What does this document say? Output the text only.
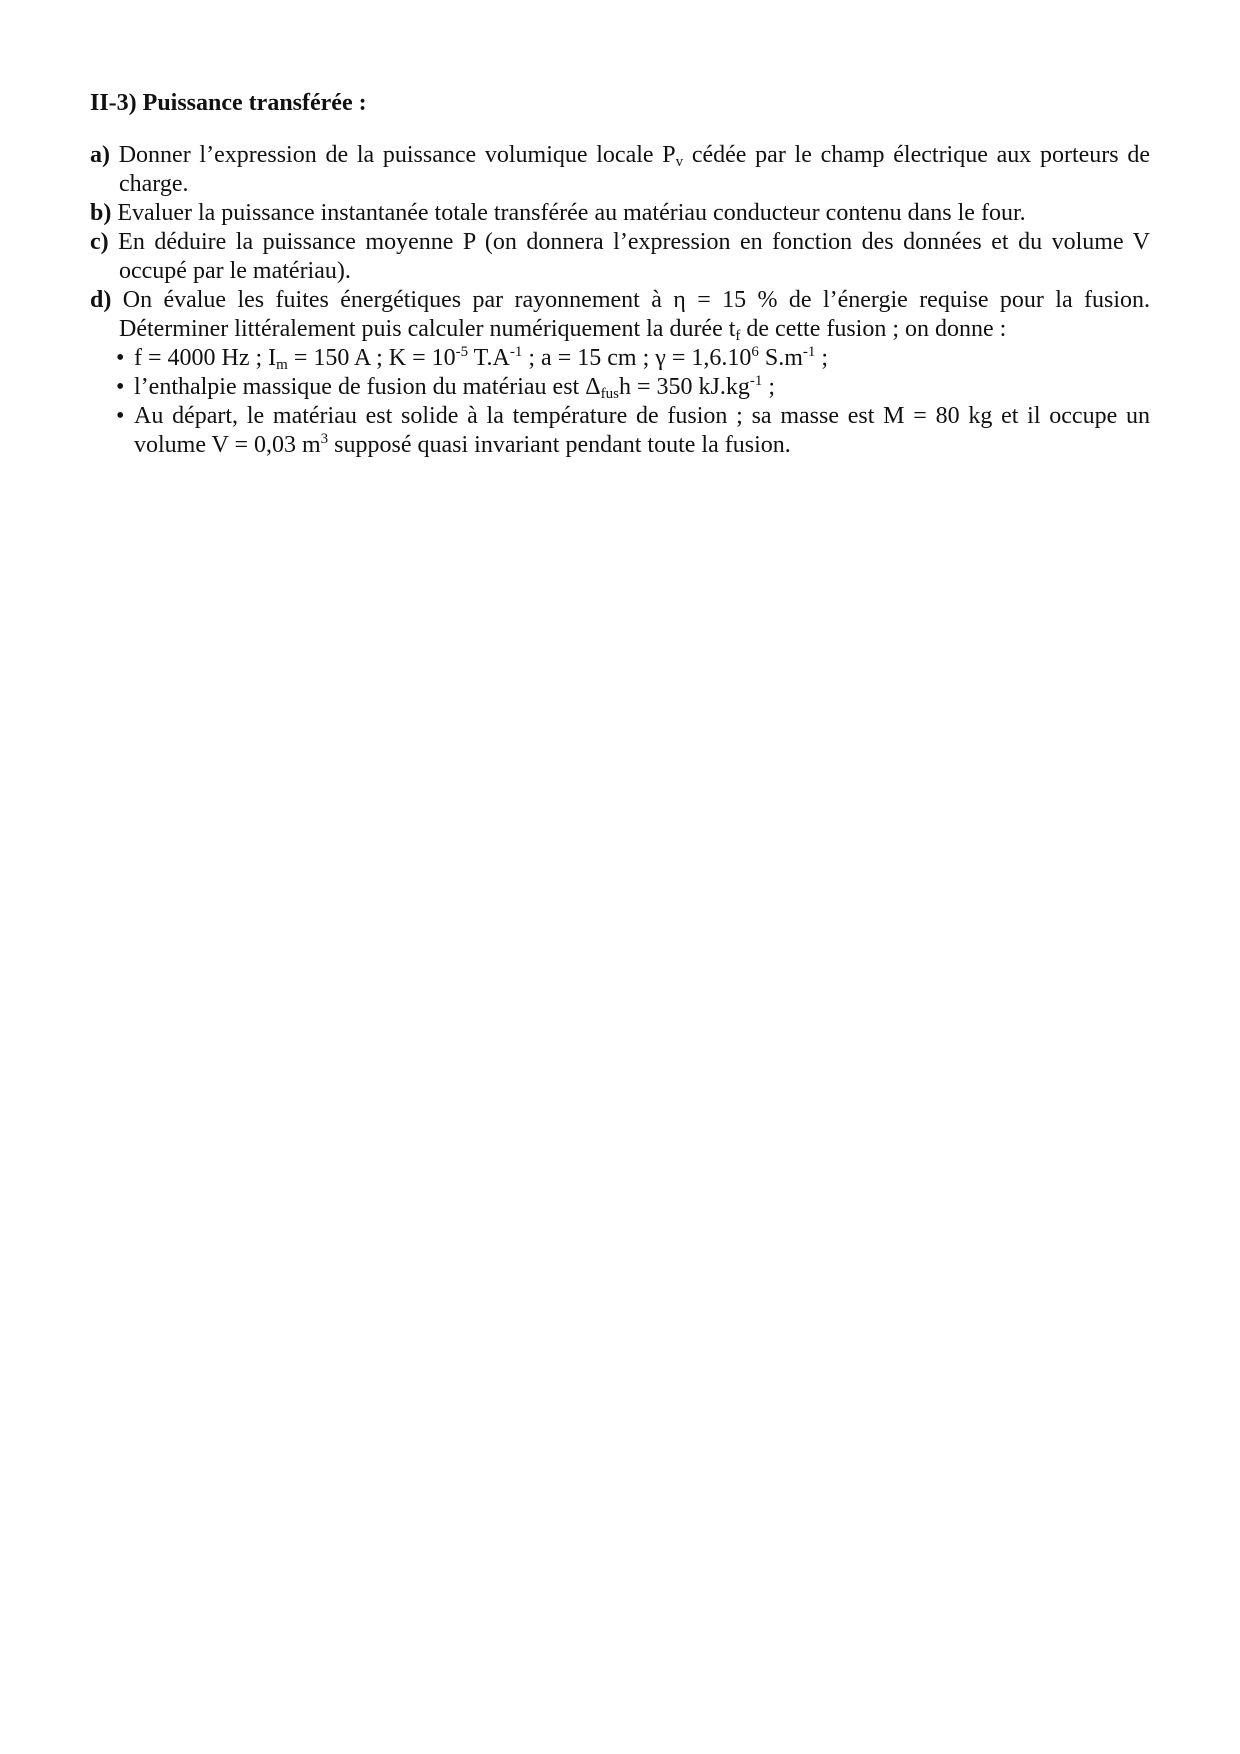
II-3) Puissance transférée :

a) Donner l’expression de la puissance volumique locale $P_v$ cédée par le champ électrique aux porteurs de charge.

b) Evaluer la puissance instantanée totale transférée au matériau conducteur contenu dans le four.

c) En déduire la puissance moyenne P (on donnera l’expression en fonction des données et du volume V occupé par le matériau).

d) On évalue les fuites énergétiques par rayonnement à η = 15 % de l’énergie requise pour la fusion. Déterminer littéralement puis calculer numériquement la durée $t_f$ de cette fusion ; on donne :

• f = 4000 Hz ; $I_m = 150$ A ; $K = 10^{-5}$ $T.A^{-1}$ ; a = 15 cm ; $\gamma = 1,6.10^6$ $S.m^{-1}$ ;
• l’enthalpie massique de fusion du matériau est $\Delta_{fus}h = 350$ $kJ.kg^{-1}$ ;
• Au départ, le matériau est solide à la température de fusion ; sa masse est M = 80 kg et il occupe un volume V = 0,03 $m^3$ supposé quasi invariant pendant toute la fusion.
